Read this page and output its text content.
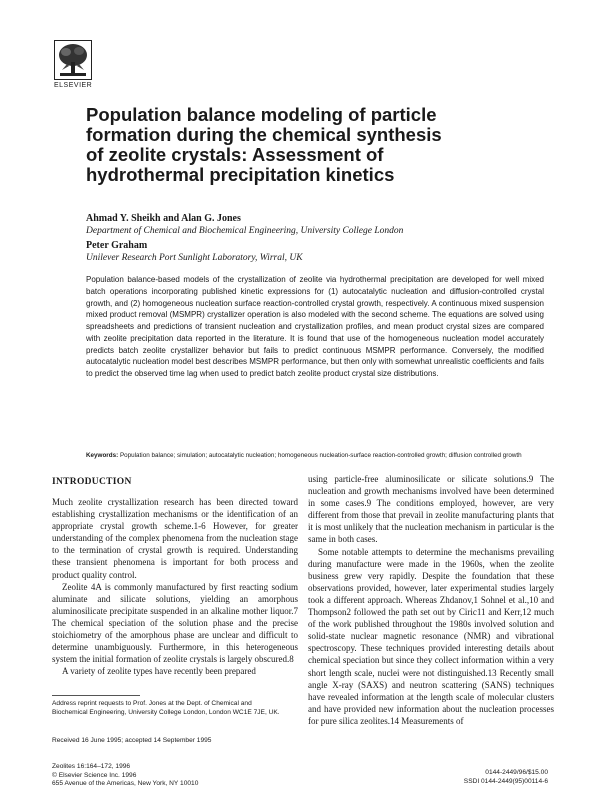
ELSEVIER
Population balance modeling of particle
formation during the chemical synthesis
of zeolite crystals: Assessment of
hydrothermal precipitation kinetics
Ahmad Y. Sheikh and Alan G. Jones
Department of Chemical and Biochemical Engineering, University College London
Peter Graham
Unilever Research Port Sunlight Laboratory, Wirral, UK

Population balance-based models of the crystallization of zeolite via hydrothermal precipitation are developed for well mixed batch operations incorporating published kinetic expressions for (1) autocatalytic nucleation and diffusion-controlled crystal growth, and (2) homogeneous nucleation surface reaction-controlled crystal growth, respectively. A continuous mixed suspension mixed product removal (MSMPR) crystallizer operation is also modeled with the second scheme. The equations are solved using spreadsheets and predictions of transient nucleation and crystallization profiles, and mean product crystal sizes are compared with zeolite precipitation data reported in the literature. It is found that use of the homogeneous nucleation model accurately predicts batch zeolite crystallizer behavior but fails to predict continuous MSMPR performance. Conversely, the modified autocatalytic nucleation model best describes MSMPR performance, but then only with somewhat unrealistic coefficients and fails to predict the observed time lag when used to predict batch zeolite product crystal size distributions.

Keywords: Population balance; simulation; autocatalytic nucleation; homogeneous nucleation-surface reaction-controlled growth; diffusion controlled growth

INTRODUCTION

Much zeolite crystallization research has been directed toward establishing crystallization mechanisms or the identification of an appropriate crystal growth scheme.1-6 However, for greater understanding of the complex phenomena from the nucleation stage to the termination of crystal growth is required. Understanding these transient phenomena is important for both process and product quality control.

Zeolite 4A is commonly manufactured by first reacting sodium aluminate and silicate solutions, yielding an amorphous aluminosilicate precipitate suspended in an alkaline mother liquor.7 The chemical speciation of the solution phase and the precise stoichiometry of the amorphous phase are unclear and difficult to determine unambiguously. Furthermore, in this heterogeneous system the initial formation of zeolite crystals is largely obscured.8

A variety of zeolite types have recently been prepared

using particle-free aluminosilicate or silicate solutions.9 The nucleation and growth mechanisms involved have been determined in some cases.9 The conditions employed, however, are very different from those that prevail in zeolite manufacturing plants that it is most unlikely that the nucleation mechanism in particular is the same in both cases.

Some notable attempts to determine the mechanisms prevailing during manufacture were made in the 1960s, when the zeolite business grew very rapidly. Despite the foundation that these observations provided, however, later experimental studies largely took a different approach. Whereas Zhdanov,1 Sohnel et al.,10 and Thompson2 followed the path set out by Ciric11 and Kerr,12 much of the work published throughout the 1980s involved solution and solid-state nuclear magnetic resonance (NMR) and vibrational spectroscopy. These techniques provided interesting details about chemical speciation but since they collect information within a very short length scale, nuclei were not distinguished.13 Recently small angle X-ray (SAXS) and neutron scattering (SANS) techniques have revealed information at the length scale of molecular clusters and have provided new information about the nucleation processes for pure silica zeolites.14 Measurements of

Address reprint requests to Prof. Jones at the Dept. of Chemical and Biochemical Engineering, University College London, London WC1E 7JE, UK.

Received 16 June 1995; accepted 14 September 1995

Zeolites 16:164–172, 1996
© Elsevier Science Inc. 1996
655 Avenue of the Americas, New York, NY 10010

0144-2449/96/$15.00
SSDI 0144-2449(95)00114-6
